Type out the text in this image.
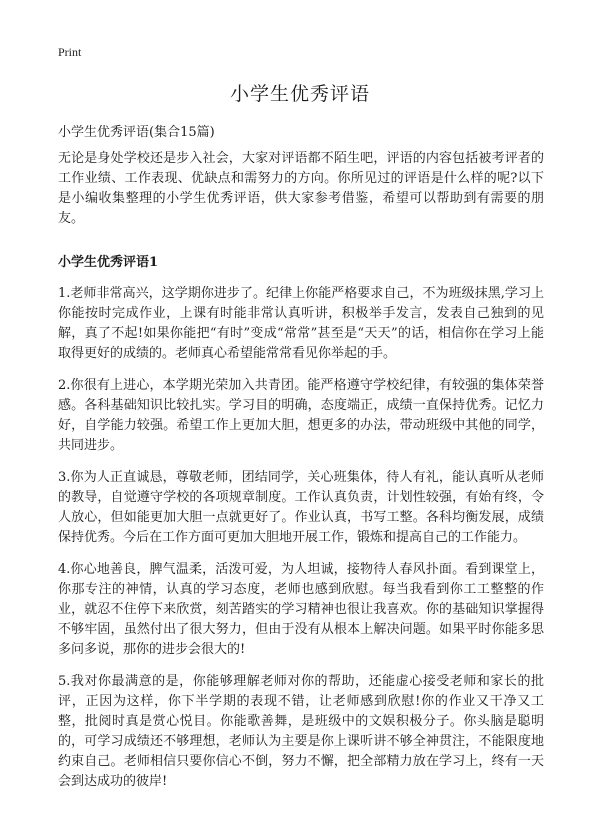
Print
小学生优秀评语

小学生优秀评语(集合15篇)

无论是身处学校还是步入社会，大家对评语都不陌生吧，评语的内容包括被考评者的工作业绩、工作表现、优缺点和需努力的方向。你所见过的评语是什么样的呢?以下是小编收集整理的小学生优秀评语，供大家参考借鉴，希望可以帮助到有需要的朋友。

小学生优秀评语1

1.老师非常高兴，这学期你进步了。纪律上你能严格要求自己，不为班级抹黑,学习上你能按时完成作业，上课有时能非常认真听讲，积极举手发言，发表自己独到的见解，真了不起!如果你能把“有时”变成“常常”甚至是“天天”的话，相信你在学习上能取得更好的成绩的。老师真心希望能常常看见你举起的手。

2.你很有上进心，本学期光荣加入共青团。能严格遵守学校纪律，有较强的集体荣誉感。各科基础知识比较扎实。学习目的明确，态度端正，成绩一直保持优秀。记忆力好，自学能力较强。希望工作上更加大胆，想更多的办法，带动班级中其他的同学，共同进步。

3.你为人正直诚恳，尊敬老师，团结同学，关心班集体，待人有礼，能认真听从老师的教导，自觉遵守学校的各项规章制度。工作认真负责，计划性较强，有始有终，令人放心，但如能更加大胆一点就更好了。作业认真，书写工整。各科均衡发展，成绩保持优秀。今后在工作方面可更加大胆地开展工作，锻炼和提高自己的工作能力。

4.你心地善良，脾气温柔，活泼可爱，为人坦诚，接物待人春风扑面。看到课堂上，你那专注的神情，认真的学习态度，老师也感到欣慰。每当我看到你工工整整的作业，就忍不住停下来欣赏，刻苦踏实的学习精神也很让我喜欢。你的基础知识掌握得不够牢固，虽然付出了很大努力，但由于没有从根本上解决问题。如果平时你能多思多问多说，那你的进步会很大的!

5.我对你最满意的是，你能够理解老师对你的帮助，还能虚心接受老师和家长的批评，正因为这样，你下半学期的表现不错，让老师感到欣慰!你的作业又干净又工整，批阅时真是赏心悦目。你能歌善舞，是班级中的文娱积极分子。你头脑是聪明的，可学习成绩还不够理想，老师认为主要是你上课听讲不够全神贯注，不能限度地约束自己。老师相信只要你信心不倒，努力不懈，把全部精力放在学习上，终有一天会到达成功的彼岸!
